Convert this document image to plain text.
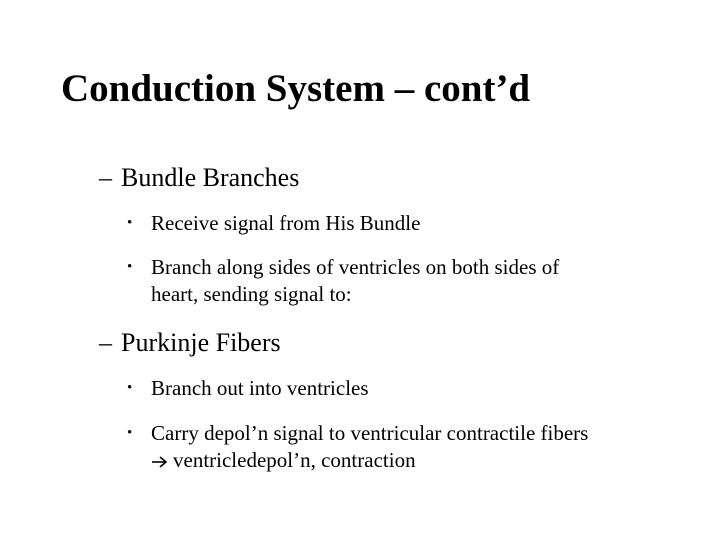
Conduction System – cont’d
– Bundle Branches
• Receive signal from His Bundle
• Branch along sides of ventricles on both sides of
heart, sending signal to:
– Purkinje Fibers
• Branch out into ventricles
• Carry depol’n signal to ventricular contractile fibers
ventricledepol’n, contraction
